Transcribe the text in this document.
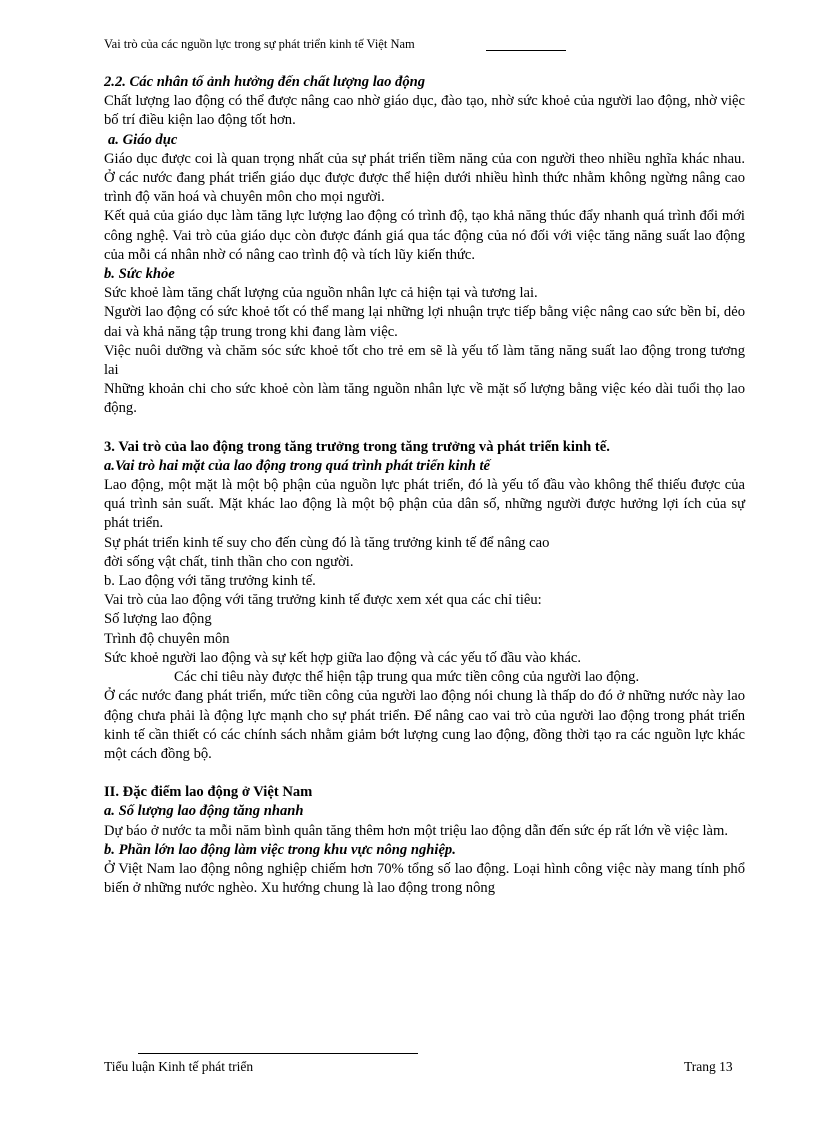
Vai trò của các nguồn lực trong sự phát triển kinh tế Việt Nam

2.2. Các nhân tố ảnh hưởng đến chất lượng lao động

Chất lượng lao động có thể được nâng cao nhờ giáo dục, đào tạo, nhờ sức khoẻ của người lao động, nhờ việc bố trí điều kiện lao động tốt hơn.

a. Giáo dục

Giáo dục được coi là quan trọng nhất của sự phát triển tiềm năng của con người theo nhiều nghĩa khác nhau. Ở các nước đang phát triển giáo dục được được thể hiện dưới nhiều hình thức nhằm không ngừng nâng cao trình độ văn hoá và chuyên môn cho mọi người.

Kết quả của giáo dục làm tăng lực lượng lao động có trình độ, tạo khả năng thúc đẩy nhanh quá trình đổi mới công nghệ. Vai trò của giáo dục còn được đánh giá qua tác động của nó đối với việc tăng năng suất lao động của mỗi cá nhân nhờ có nâng cao trình độ và tích lũy kiến thức.

b. Sức khỏe

Sức khoẻ làm tăng chất lượng của nguồn nhân lực cả hiện tại và tương lai.

Người lao động có sức khoẻ tốt có thể mang lại những lợi nhuận trực tiếp bằng việc nâng cao sức bền bỉ, dẻo dai và khả năng tập trung trong khi đang làm việc.

Việc nuôi dưỡng và chăm sóc sức khoẻ tốt cho trẻ em sẽ là yếu tố làm tăng năng suất lao động trong tương lai

Những khoản chi cho sức khoẻ còn làm tăng nguồn nhân lực về mặt số lượng bằng việc kéo dài tuổi thọ lao động.

3. Vai trò của lao động trong tăng trưởng trong tăng trưởng và phát triển kinh tế.

a.Vai trò hai mặt của lao động trong quá trình phát triển kinh tế

Lao động, một mặt là một bộ phận của nguồn lực phát triển, đó là yếu tố đầu vào không thể thiếu được của quá trình sản suất. Mặt khác lao động là một bộ phận của dân số, những người được hưởng lợi ích của sự phát triển.

Sự phát triển kinh tế suy cho đến cùng đó là tăng trưởng kinh tế để nâng cao

đời sống vật chất, tinh thần cho con người.

b. Lao động với tăng trưởng kinh tế.

Vai trò của lao động với tăng trưởng kinh tế được xem xét qua các chỉ tiêu:

Số lượng lao động

Trình độ chuyên môn

Sức khoẻ người lao động và sự kết hợp giữa lao động và các yếu tố đầu vào khác.

Các chỉ tiêu này được thể hiện tập trung qua mức tiền công của người lao động.

Ở các nước đang phát triển, mức tiền công của người lao động nói chung là thấp do đó ở những nước này lao động chưa phải là động lực mạnh cho sự phát triển. Để nâng cao vai trò của người lao động trong phát triển kinh tế cần thiết có các chính sách nhằm giảm bớt lượng cung lao động, đồng thời tạo ra các nguồn lực khác một cách đồng bộ.

II. Đặc điểm lao động ở Việt Nam

a. Số lượng lao động tăng nhanh

Dự báo ở nước ta mỗi năm bình quân tăng thêm hơn một triệu lao động dẫn đến sức ép rất lớn về việc làm.

b. Phần lớn lao động làm việc trong khu vực nông nghiệp.

Ở Việt Nam lao động nông nghiệp chiếm hơn 70% tổng số lao động. Loại hình công việc này mang tính phổ biến ở những nước nghèo. Xu hướng chung là lao động trong nông

Tiểu luận Kinh tế phát triển	Trang 13
